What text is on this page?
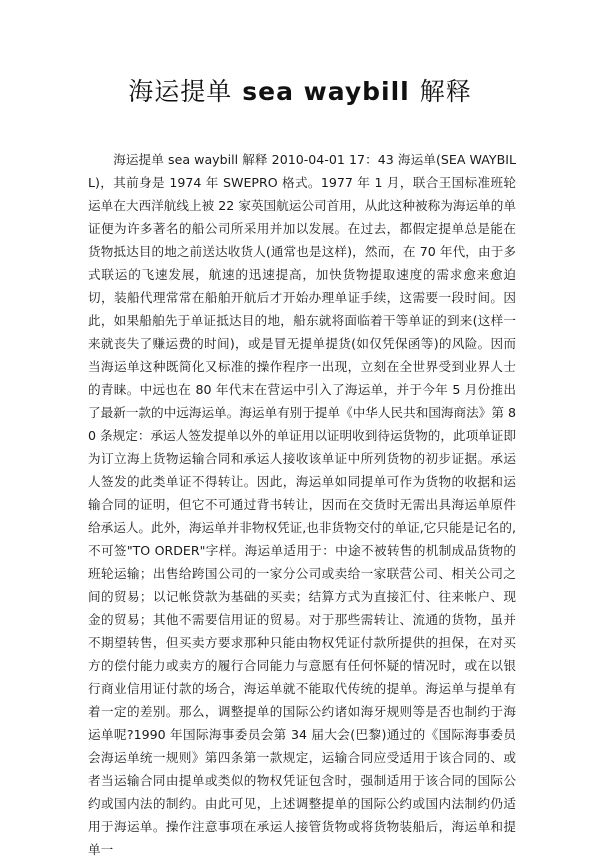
海运提单 sea waybill 解释

海运提单 sea waybill 解释 2010-04-01 17：43 海运单(SEA WAYBILL)，其前身是 1974 年 SWEPRO 格式。1977 年 1 月，联合王国标准班轮运单在大西洋航线上被 22 家英国航运公司首用，从此这种被称为海运单的单证便为许多著名的船公司所采用并加以发展。在过去，都假定提单总是能在货物抵达目的地之前送达收货人(通常也是这样)，然而，在 70 年代，由于多式联运的飞速发展，航速的迅速提高，加快货物提取速度的需求愈来愈迫切，装船代理常常在船舶开航后才开始办理单证手续，这需要一段时间。因此，如果船舶先于单证抵达目的地，船东就将面临着干等单证的到来(这样一来就丧失了赚运费的时间)，或是冒无提单提货(如仅凭保函等)的风险。因而当海运单这种既简化又标准的操作程序一出现，立刻在全世界受到业界人士的青睐。中远也在 80 年代末在营运中引入了海运单，并于今年 5 月份推出了最新一款的中远海运单。海运单有别于提单《中华人民共和国海商法》第 80 条规定：承运人签发提单以外的单证用以证明收到待运货物的，此项单证即为订立海上货物运输合同和承运人接收该单证中所列货物的初步证据。承运人签发的此类单证不得转让。因此，海运单如同提单可作为货物的收据和运输合同的证明，但它不可通过背书转让，因而在交货时无需出具海运单原件给承运人。此外，海运单并非物权凭证,也非货物交付的单证,它只能是记名的,不可签"TO ORDER"字样。海运单适用于：中途不被转售的机制成品货物的班轮运输；出售给跨国公司的一家分公司或卖给一家联营公司、相关公司之间的贸易；以记帐贷款为基础的买卖；结算方式为直接汇付、往来帐户、现金的贸易；其他不需要信用证的贸易。对于那些需转让、流通的货物，虽并不期望转售，但买卖方要求那种只能由物权凭证付款所提供的担保，在对买方的偿付能力或卖方的履行合同能力与意愿有任何怀疑的情况时，或在以银行商业信用证付款的场合，海运单就不能取代传统的提单。海运单与提单有着一定的差别。那么，调整提单的国际公约诸如海牙规则等是否也制约于海运单呢?1990 年国际海事委员会第 34 届大会(巴黎)通过的《国际海事委员会海运单统一规则》第四条第一款规定，运输合同应受适用于该合同的、或者当运输合同由提单或类似的物权凭证包含时，强制适用于该合同的国际公约或国内法的制约。由此可见，上述调整提单的国际公约或国内法制约仍适用于海运单。操作注意事项在承运人接管货物或将货物装船后，海运单和提单一
